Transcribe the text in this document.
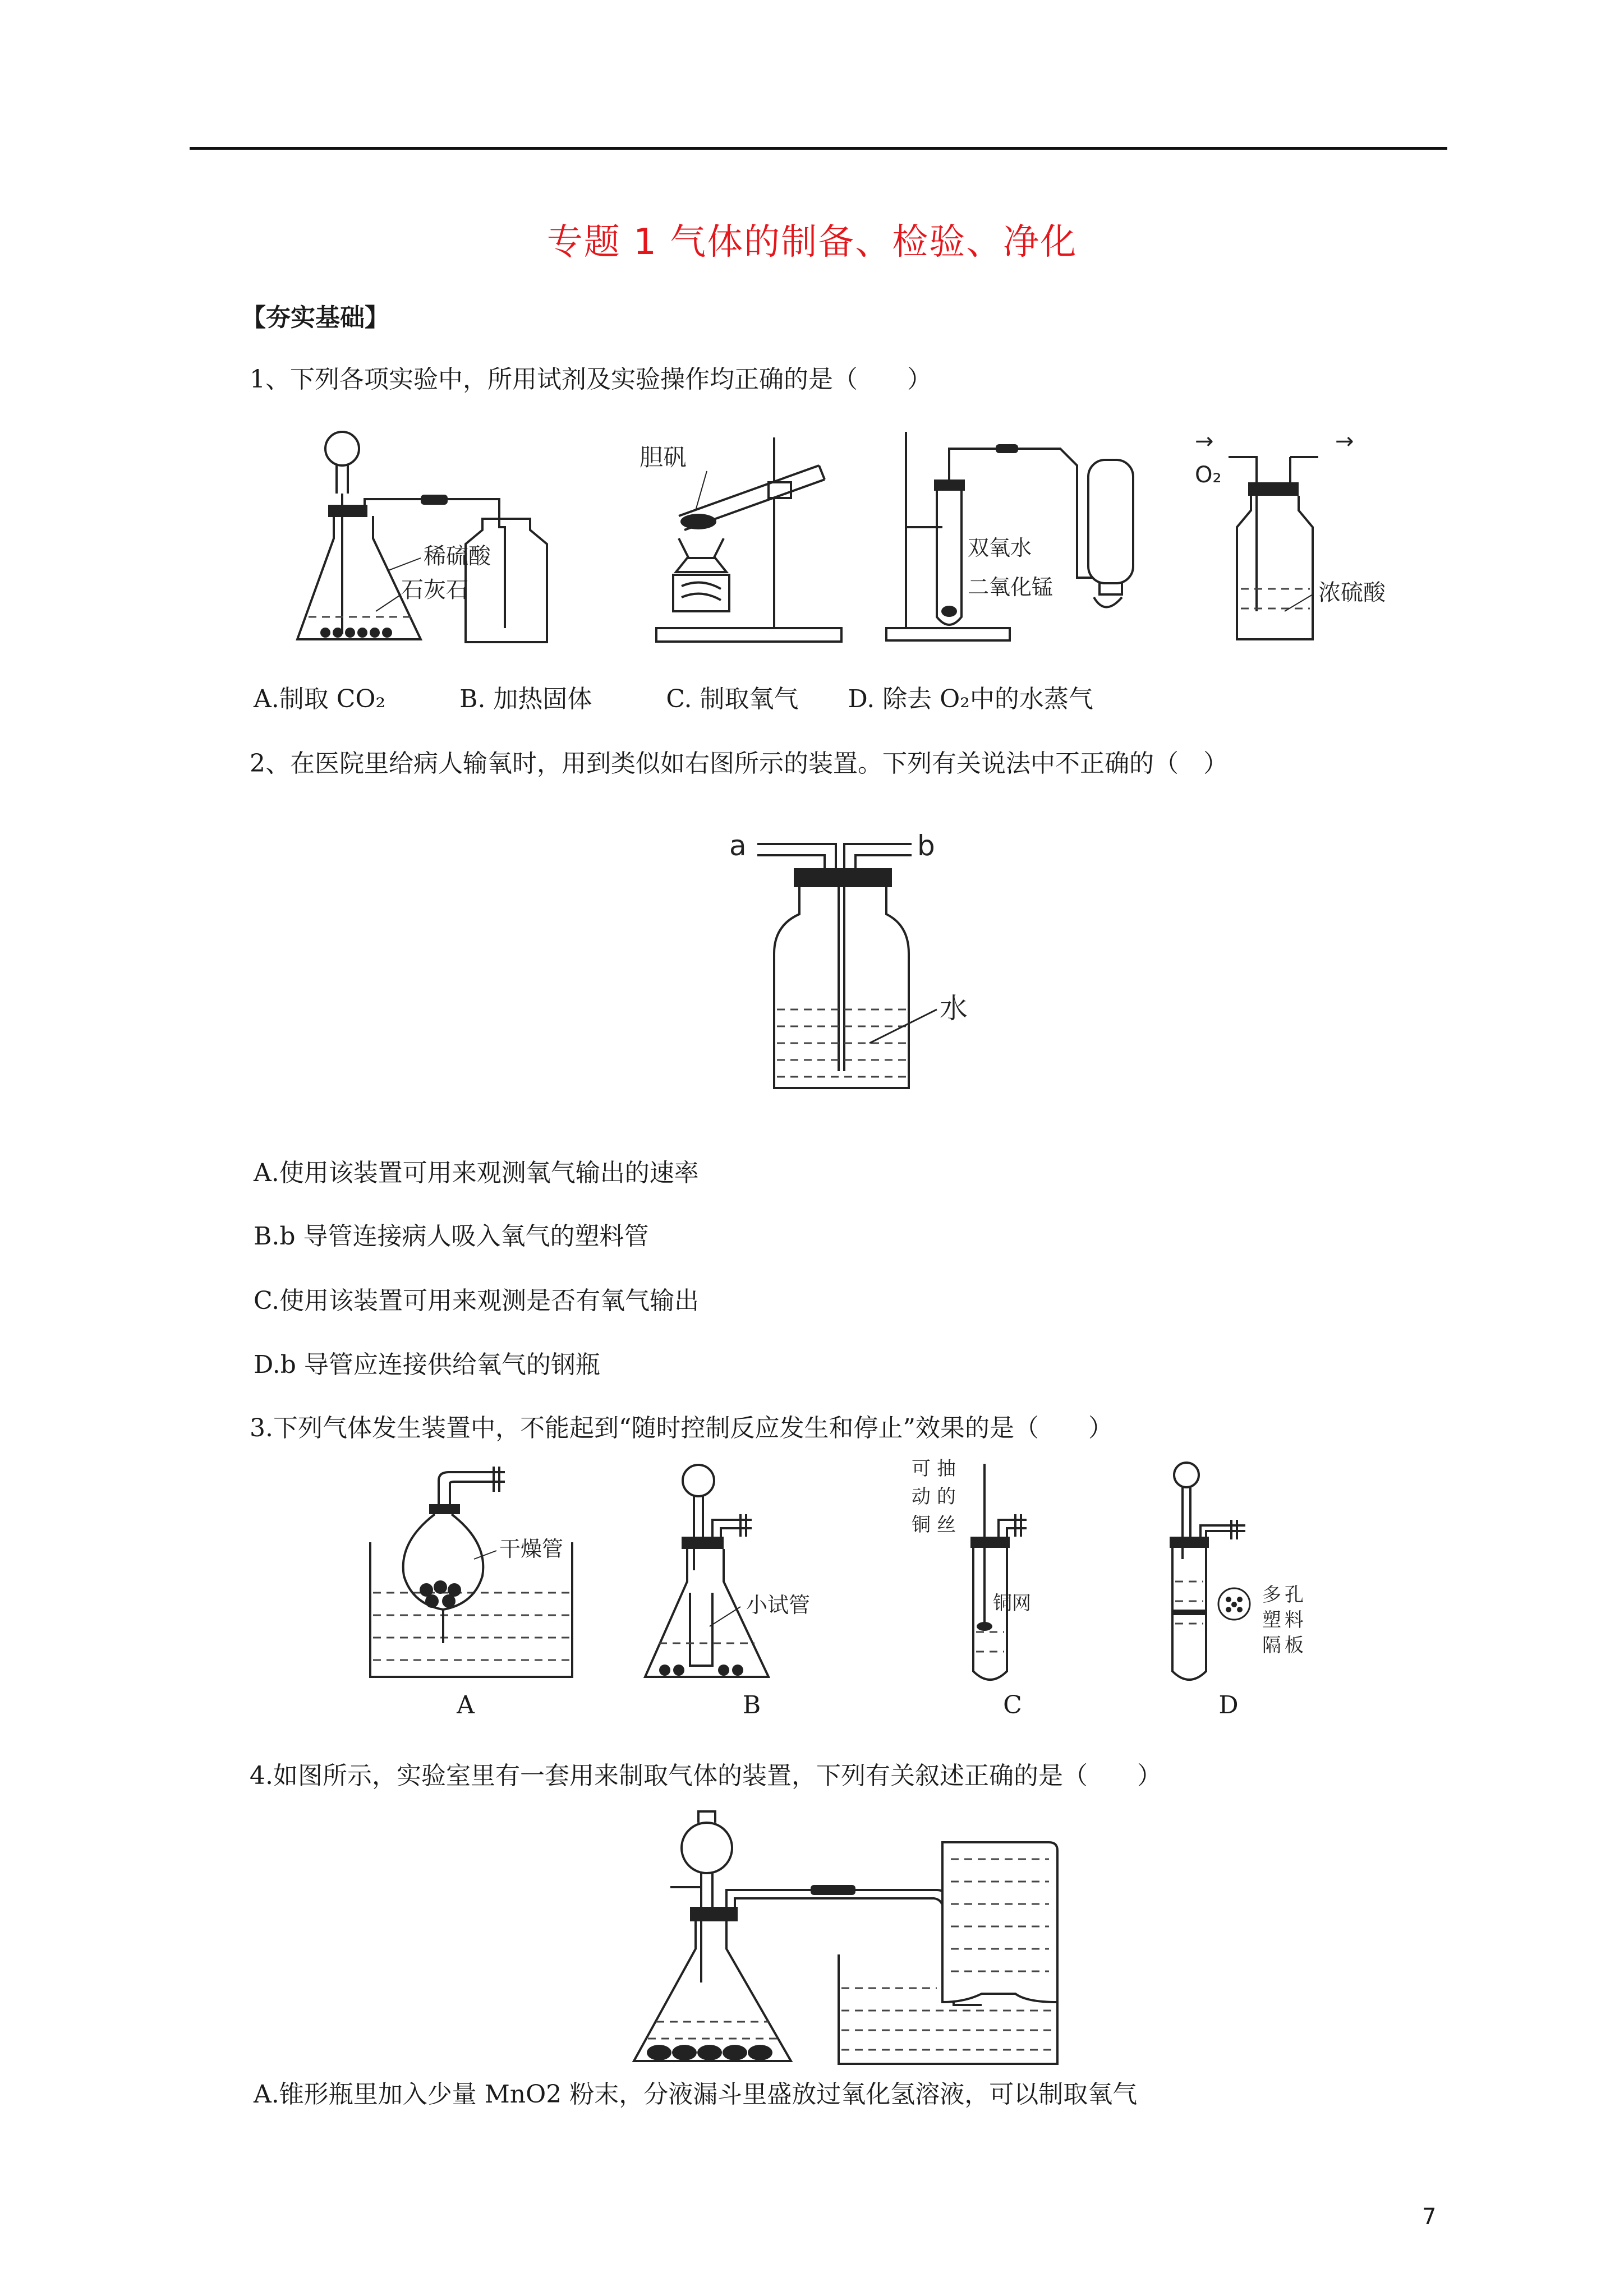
专题 1 气体的制备、检验、净化
【夯实基础】
1、下列各项实验中，所用试剂及实验操作均正确的是（　　）
稀硫酸
石灰石
胆矾
双氧水
二氧化锰
→
O₂
→
浓硫酸
A.制取 CO₂　　　B. 加热固体　　　C. 制取氧气　　D. 除去 O₂中的水蒸气
2、在医院里给病人输氧时，用到类似如右图所示的装置。下列有关说法中不正确的（　）
a	b
水
A.使用该装置可用来观测氧气输出的速率
B.b 导管连接病人吸入氧气的塑料管
C.使用该装置可用来观测是否有氧气输出
D.b 导管应连接供给氧气的钢瓶
3.下列气体发生装置中，不能起到“随时控制反应发生和停止”效果的是（　　）
干燥管
小试管
可 抽
动 的
铜 丝
铜网	多 孔
塑 料
隔 板
A	B	C	D
4.如图所示，实验室里有一套用来制取气体的装置，下列有关叙述正确的是（　　）
A.锥形瓶里加入少量 MnO2 粉末，分液漏斗里盛放过氧化氢溶液，可以制取氧气
7
